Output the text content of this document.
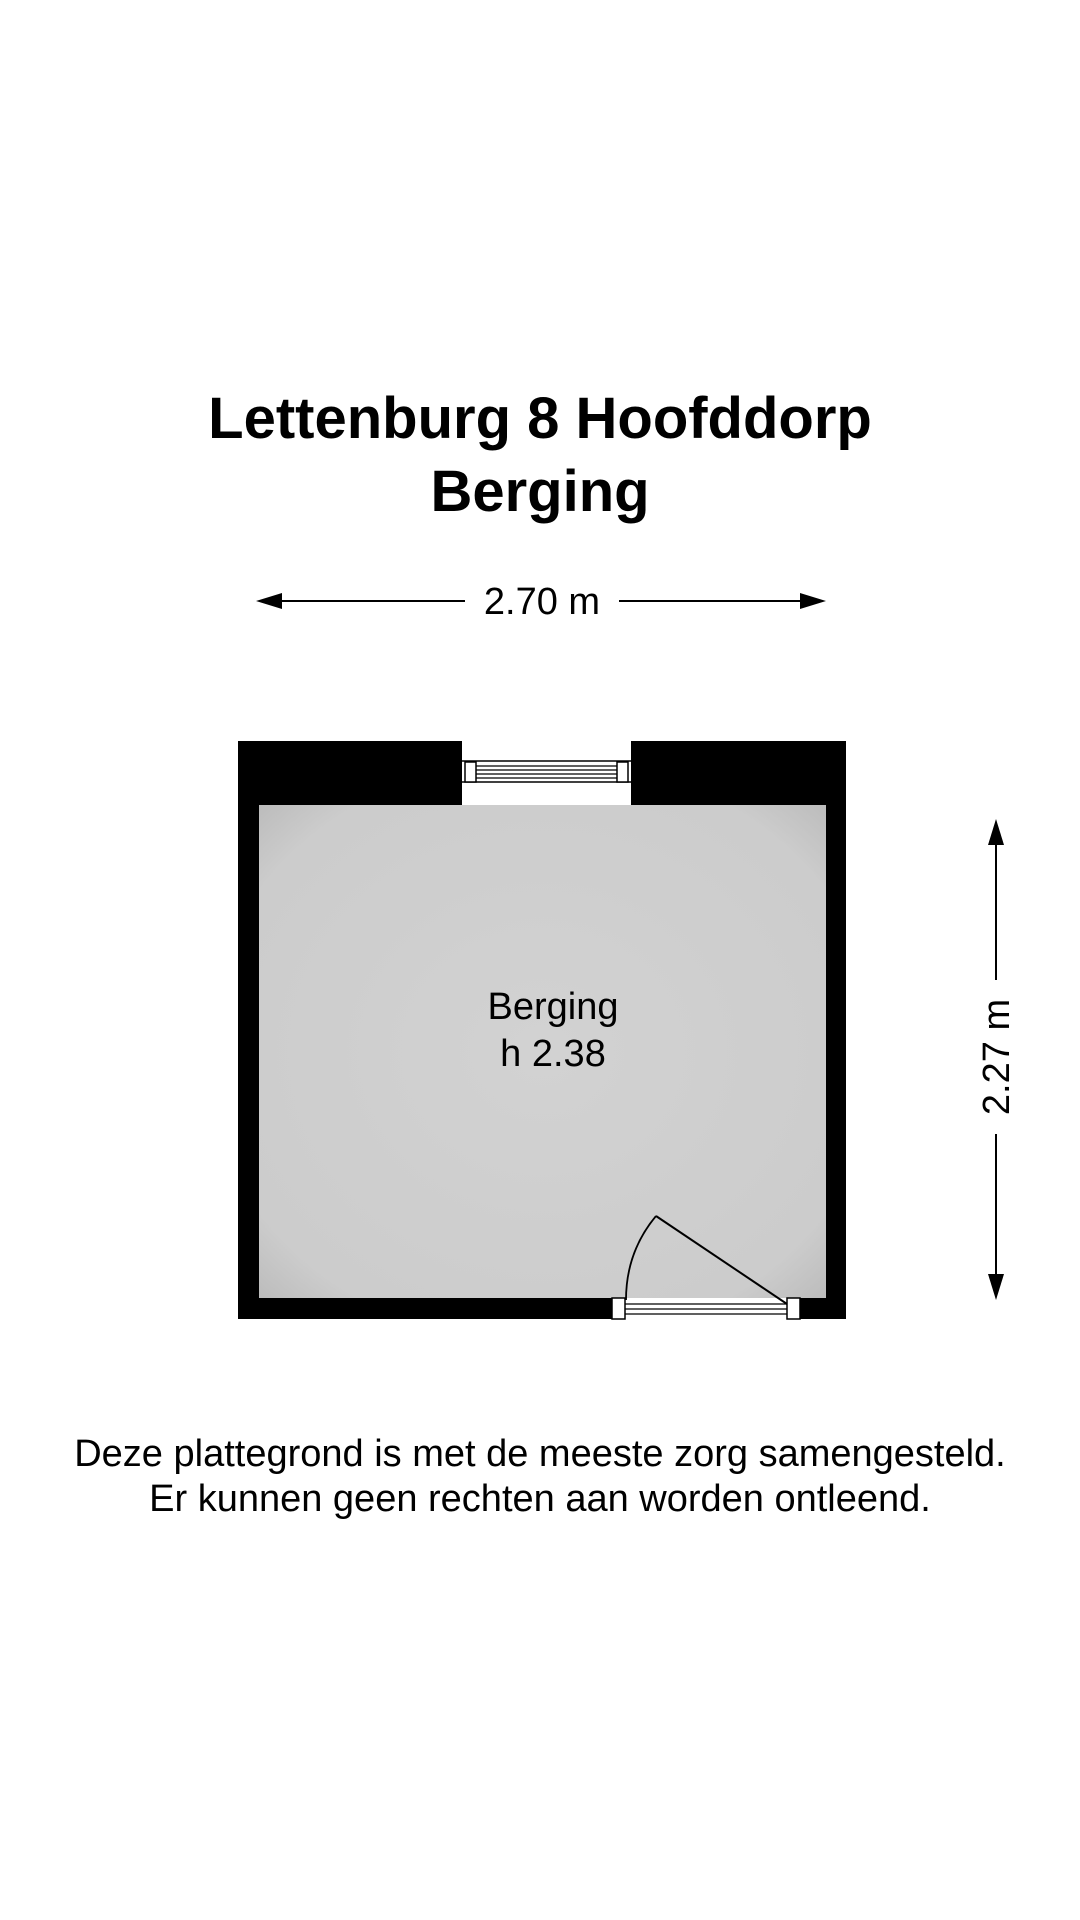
Lettenburg 8 Hoofddorp
Berging
2.70 m
Berging
h 2.38	2.27 m
Deze plattegrond is met de meeste zorg samengesteld.
Er kunnen geen rechten aan worden ontleend.
